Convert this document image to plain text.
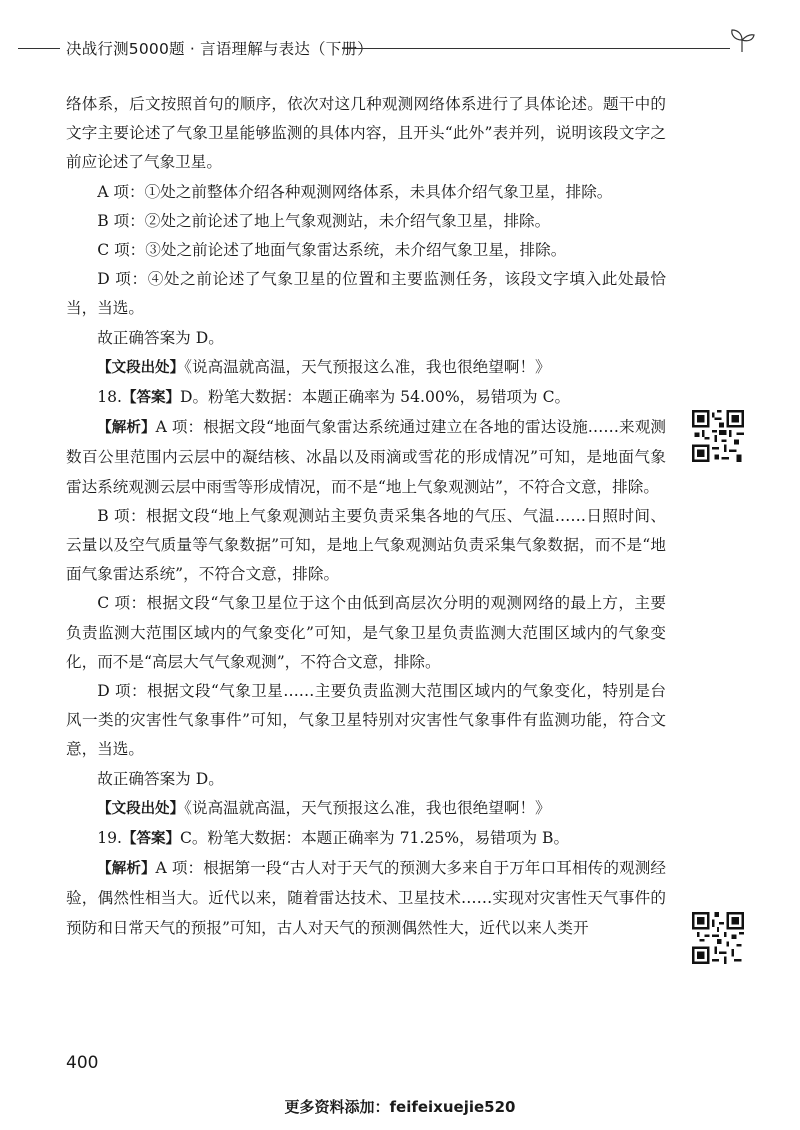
决战行测5000题 · 言语理解与表达（下册）

络体系，后文按照首句的顺序，依次对这几种观测网络体系进行了具体论述。题干中的文字主要论述了气象卫星能够监测的具体内容，且开头“此外”表并列，说明该段文字之前应论述了气象卫星。

A 项：①处之前整体介绍各种观测网络体系，未具体介绍气象卫星，排除。

B 项：②处之前论述了地上气象观测站，未介绍气象卫星，排除。

C 项：③处之前论述了地面气象雷达系统，未介绍气象卫星，排除。

D 项：④处之前论述了气象卫星的位置和主要监测任务，该段文字填入此处最恰当，当选。

故正确答案为 D。

【文段出处】《说高温就高温，天气预报这么准，我也很绝望啊！》

18.【答案】D。粉笔大数据：本题正确率为 54.00%，易错项为 C。

【解析】A 项：根据文段“地面气象雷达系统通过建立在各地的雷达设施……来观测数百公里范围内云层中的凝结核、冰晶以及雨滴或雪花的形成情况”可知，是地面气象雷达系统观测云层中雨雪等形成情况，而不是“地上气象观测站”，不符合文意，排除。

B 项：根据文段“地上气象观测站主要负责采集各地的气压、气温……日照时间、云量以及空气质量等气象数据”可知，是地上气象观测站负责采集气象数据，而不是“地面气象雷达系统”，不符合文意，排除。

C 项：根据文段“气象卫星位于这个由低到高层次分明的观测网络的最上方，主要负责监测大范围区域内的气象变化”可知，是气象卫星负责监测大范围区域内的气象变化，而不是“高层大气气象观测”，不符合文意，排除。

D 项：根据文段“气象卫星……主要负责监测大范围区域内的气象变化，特别是台风一类的灾害性气象事件”可知，气象卫星特别对灾害性气象事件有监测功能，符合文意，当选。

故正确答案为 D。

【文段出处】《说高温就高温，天气预报这么准，我也很绝望啊！》

19.【答案】C。粉笔大数据：本题正确率为 71.25%，易错项为 B。

【解析】A 项：根据第一段“古人对于天气的预测大多来自于万年口耳相传的观测经验，偶然性相当大。近代以来，随着雷达技术、卫星技术……实现对灾害性天气事件的预防和日常天气的预报”可知，古人对天气的预测偶然性大，近代以来人类开

400
更多资料添加：feifeixuejie520
